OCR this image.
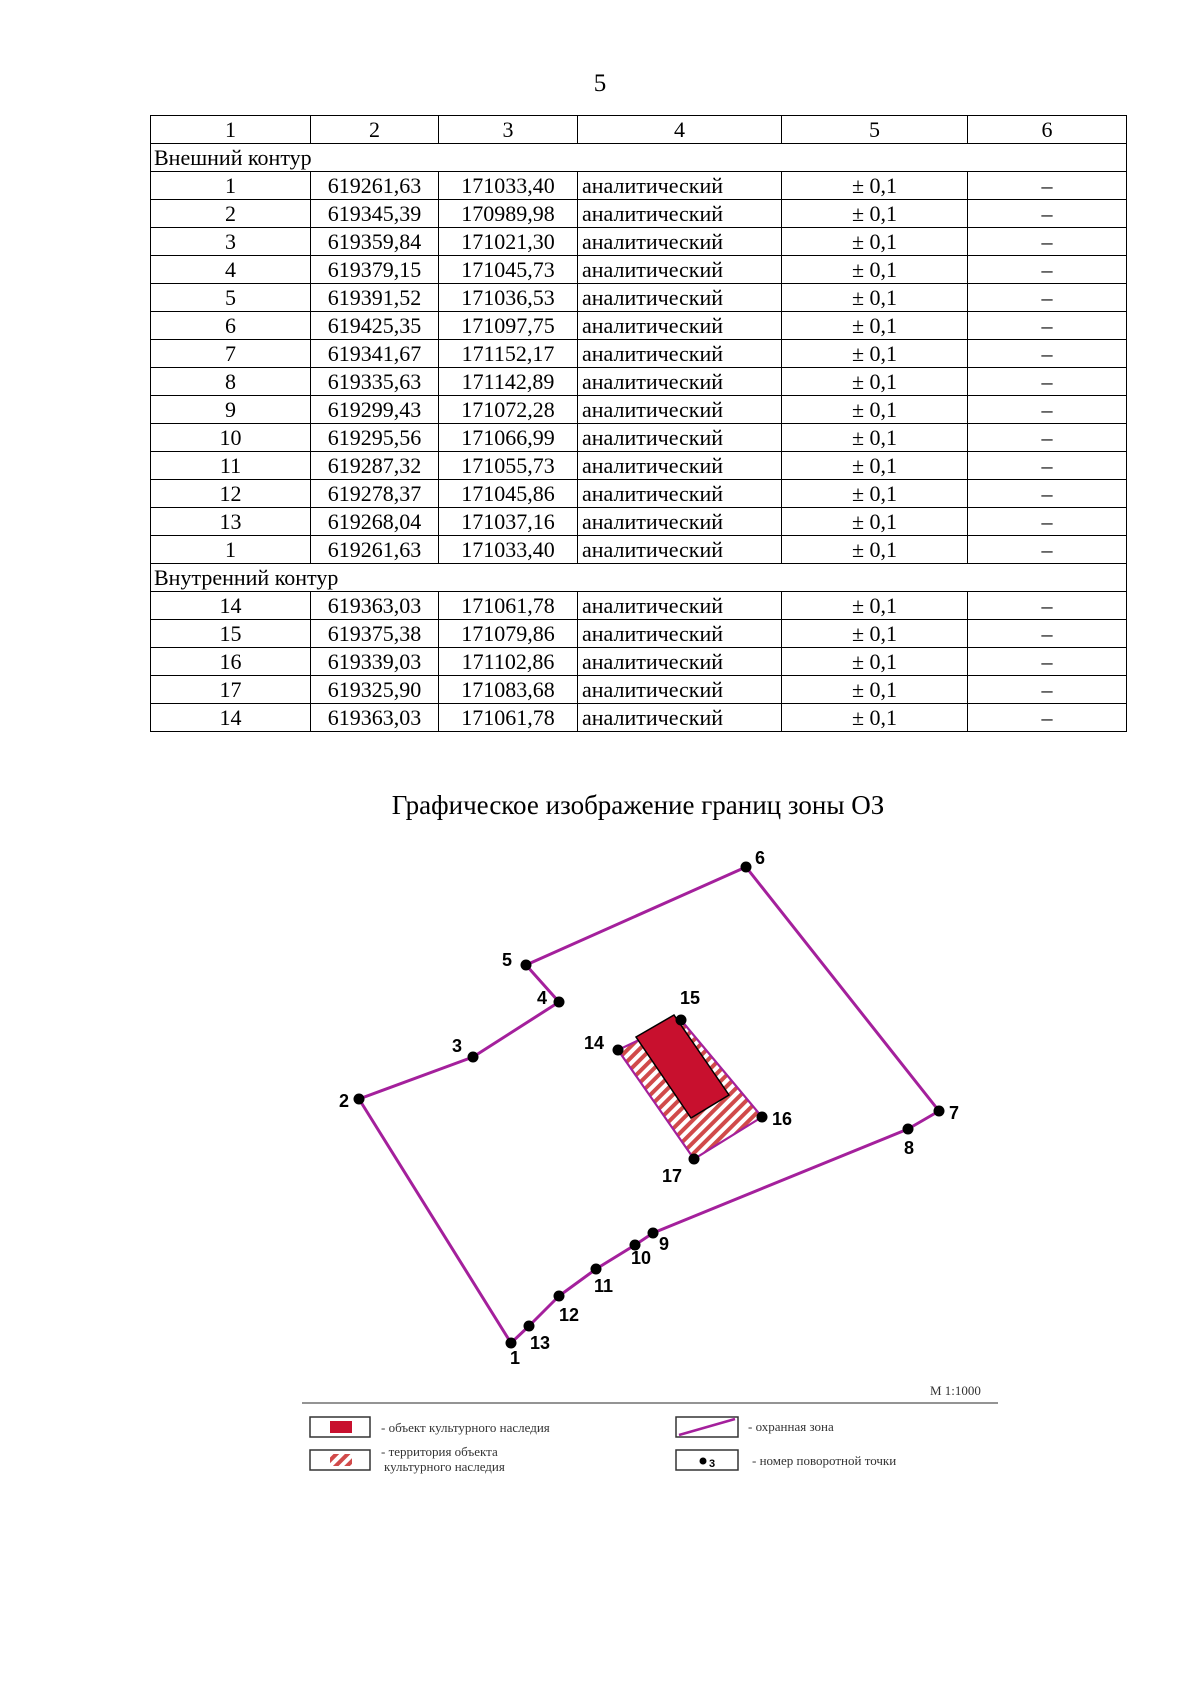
5
1	2	3	4	5	6
Внешний контур					
1	619261,63	171033,40	аналитический	± 0,1	–
2	619345,39	170989,98	аналитический	± 0,1	–
3	619359,84	171021,30	аналитический	± 0,1	–
4	619379,15	171045,73	аналитический	± 0,1	–
5	619391,52	171036,53	аналитический	± 0,1	–
6	619425,35	171097,75	аналитический	± 0,1	–
7	619341,67	171152,17	аналитический	± 0,1	–
8	619335,63	171142,89	аналитический	± 0,1	–
9	619299,43	171072,28	аналитический	± 0,1	–
10	619295,56	171066,99	аналитический	± 0,1	–
11	619287,32	171055,73	аналитический	± 0,1	–
12	619278,37	171045,86	аналитический	± 0,1	–
13	619268,04	171037,16	аналитический	± 0,1	–
1	619261,63	171033,40	аналитический	± 0,1	–
Внутренний контур					
14	619363,03	171061,78	аналитический	± 0,1	–
15	619375,38	171079,86	аналитический	± 0,1	–
16	619339,03	171102,86	аналитический	± 0,1	–
17	619325,90	171083,68	аналитический	± 0,1	–
14	619363,03	171061,78	аналитический	± 0,1	–
Графическое изображение границ зоны ОЗ
1
2
3
4
5
6
7
8
9
10
11
12
13
14
15
16
17
М 1:1000
- объект культурного наследия
- территория объекта
культурного наследия
- охранная зона
3	- номер поворотной точки
